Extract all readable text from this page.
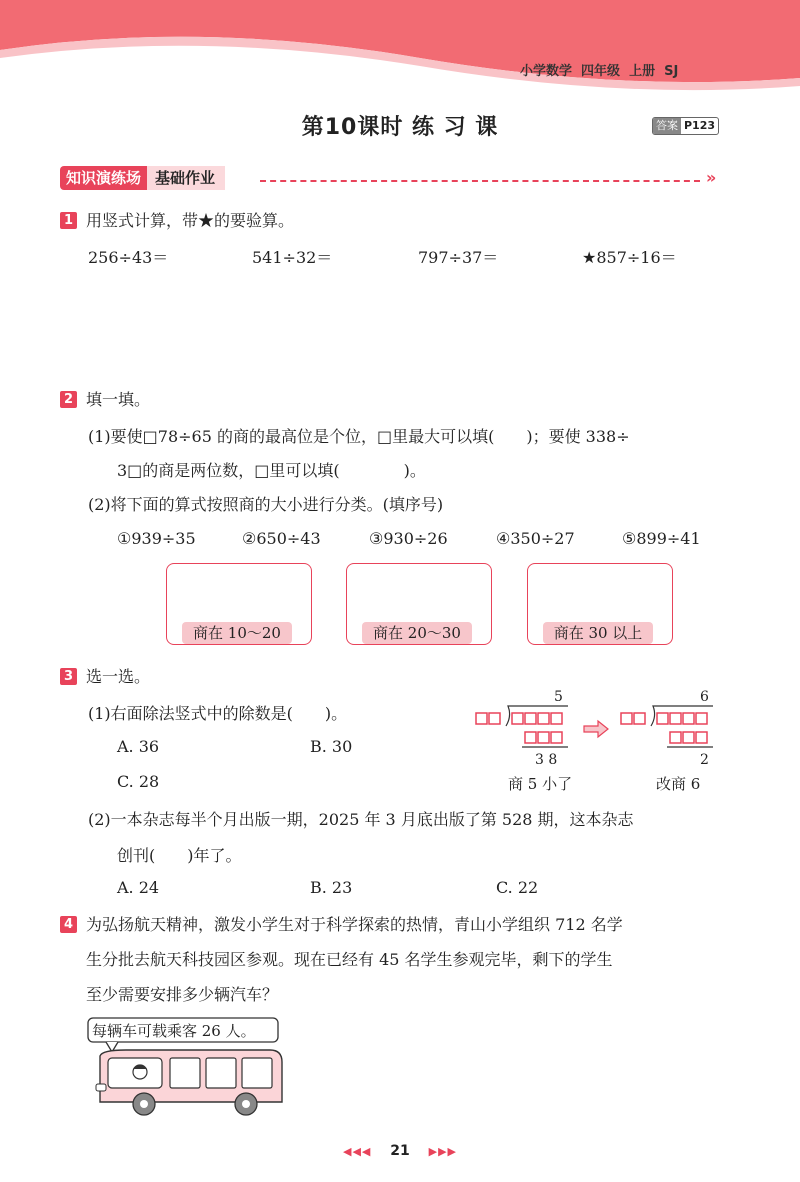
小学数学  四年级  上册  SJ
第10课时 练 习 课	答案 P123
知识演练场 基础作业	»
1 用竖式计算，带★的要验算。
256÷43＝	541÷32＝	797÷37＝	★857÷16＝
2 填一填。
(1)要使□78÷65 的商的最高位是个位，□里最大可以填(　　)；要使 338÷
3□的商是两位数，□里可以填(　　　　)。
(2)将下面的算式按照商的大小进行分类。(填序号)
①939÷35	②650÷43	③930÷26	④350÷27	⑤899÷41
商在 10～20	商在 20～30	商在 30 以上
3 选一选。
(1)右面除法竖式中的除数是(　　)。
A. 36	B. 30
C. 28
5
3 8
商 5 小了
6
2
改商 6
(2)一本杂志每半个月出版一期，2025 年 3 月底出版了第 528 期，这本杂志
创刊(　　)年了。
A. 24	B. 23	C. 22
4 为弘扬航天精神，激发小学生对于科学探索的热情，青山小学组织 712 名学
生分批去航天科技园区参观。现在已经有 45 名学生参观完毕，剩下的学生
至少需要安排多少辆汽车？
每辆车可载乘客 26 人。
◀◀◀ 21 ▶▶▶
